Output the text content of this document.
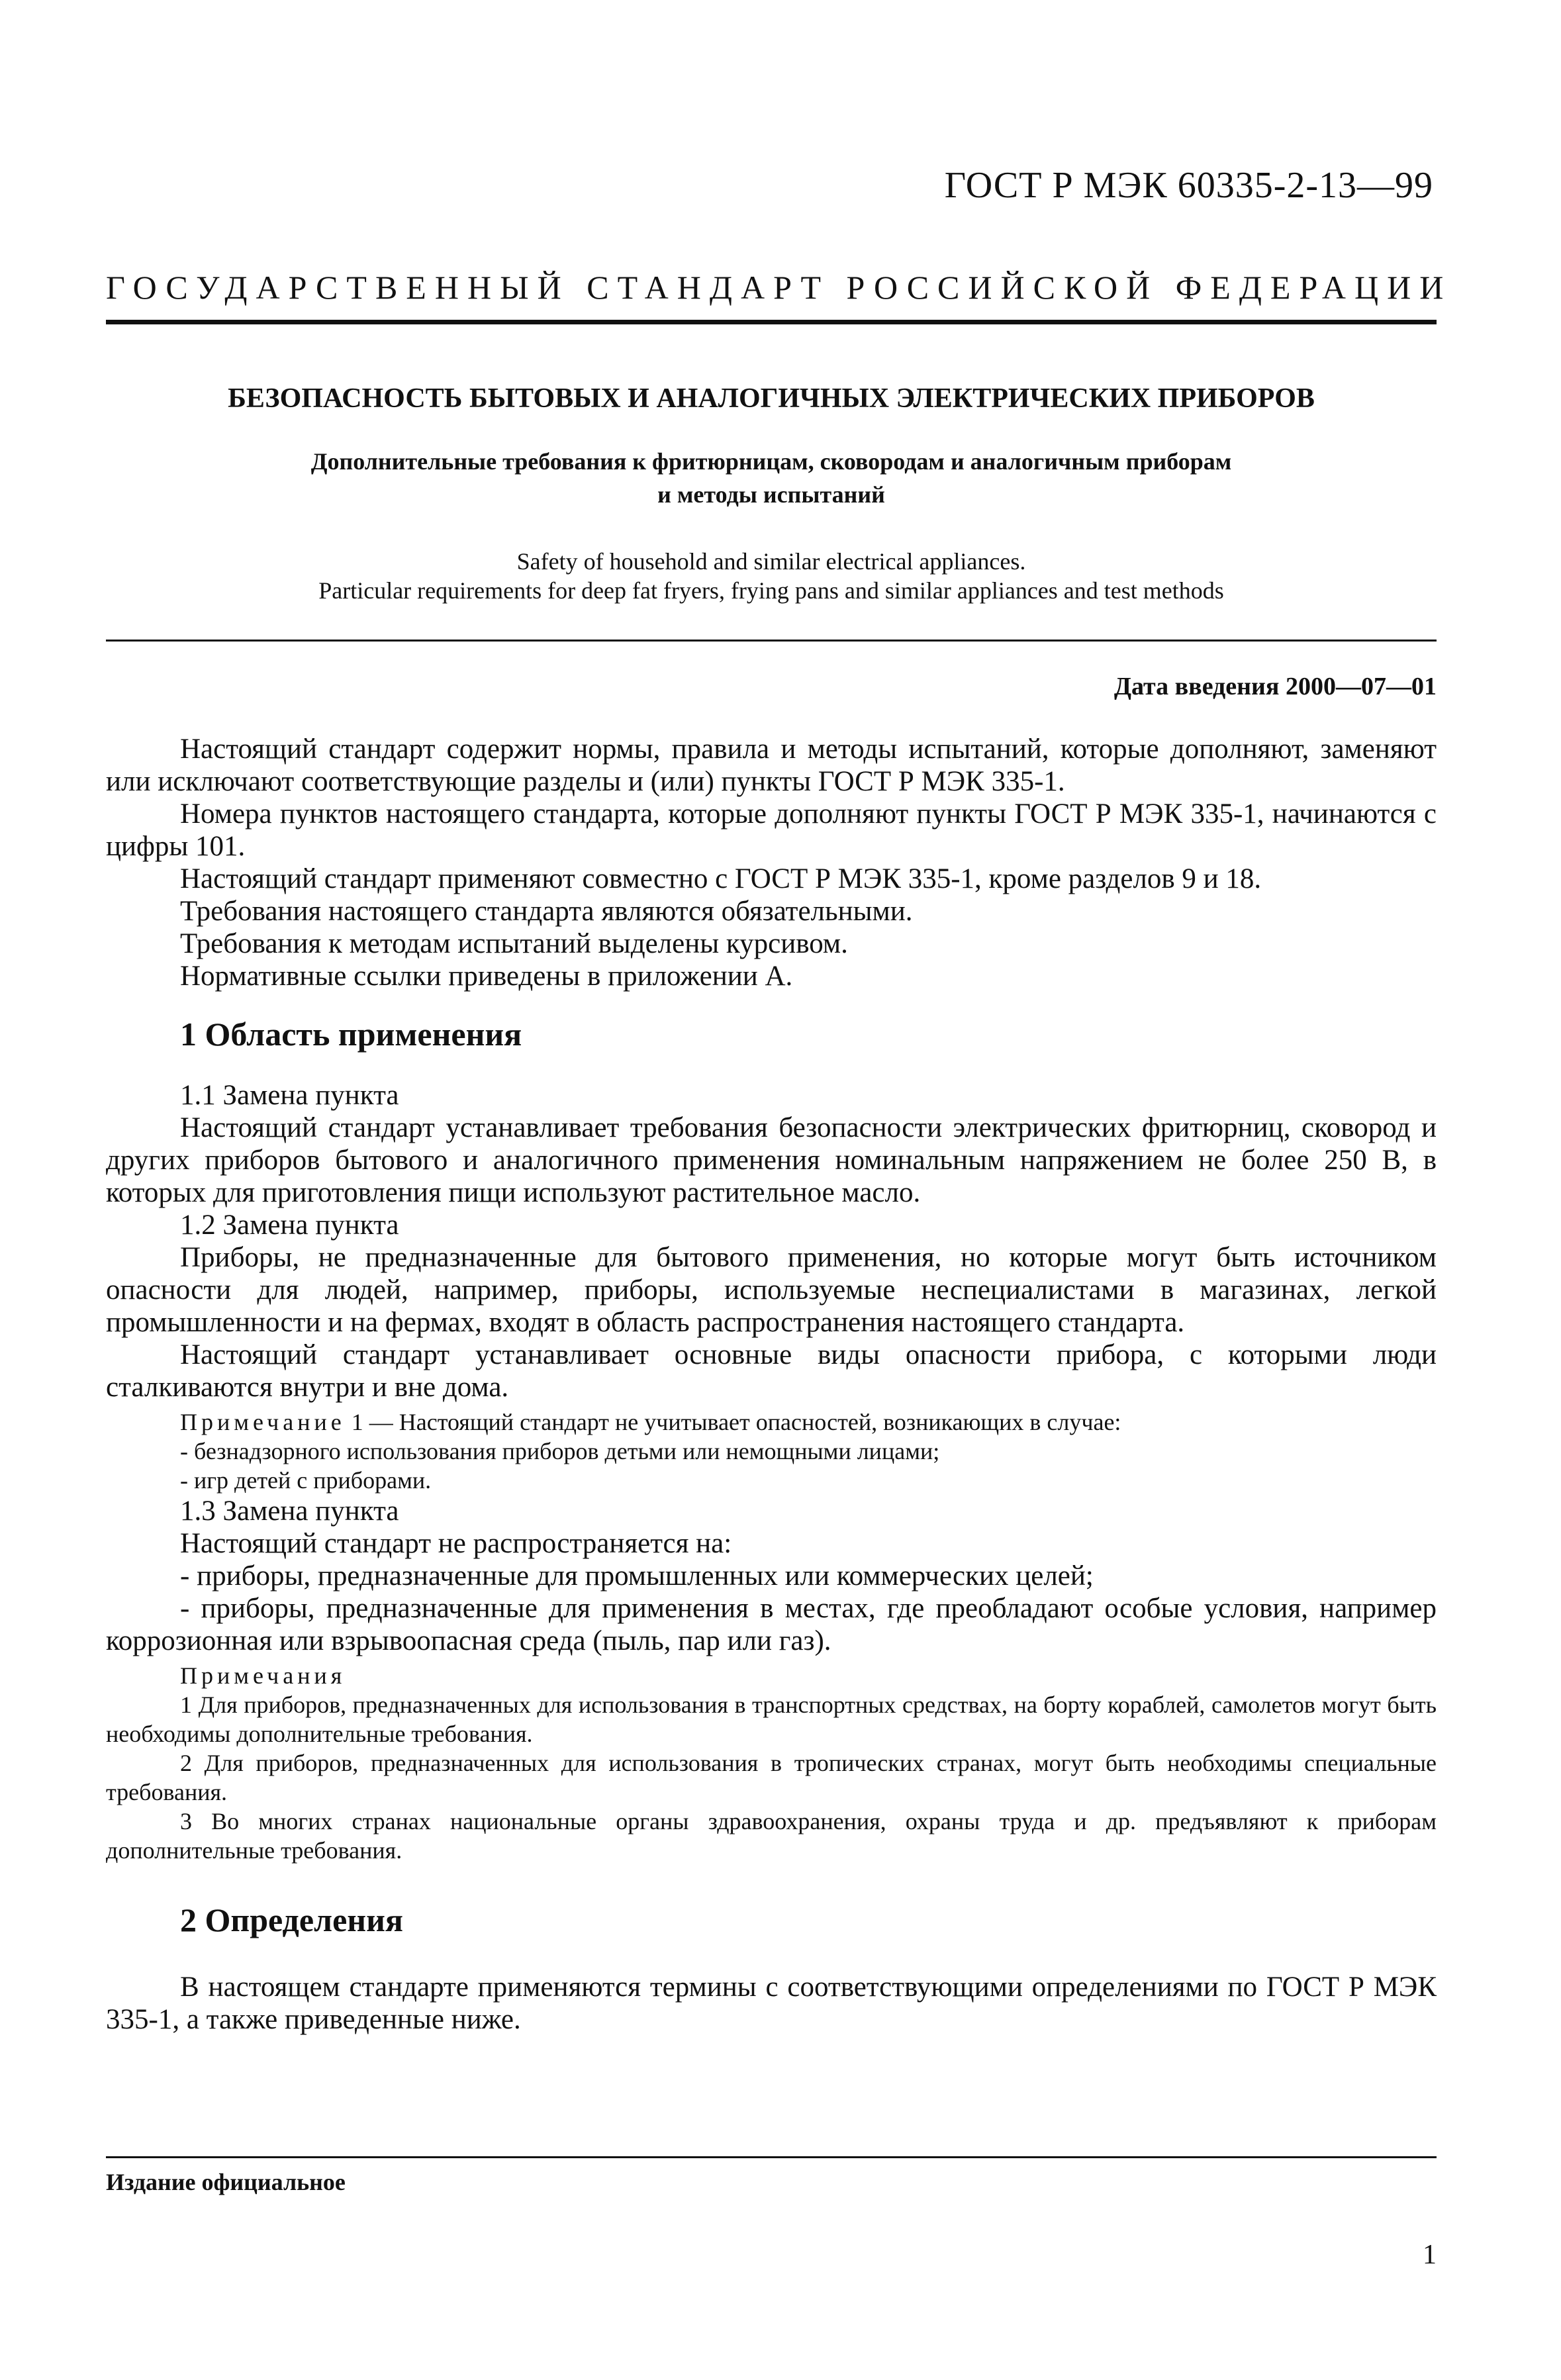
ГОСТ Р МЭК 60335-2-13—99
ГОСУДАРСТВЕННЫЙ СТАНДАРТ РОССИЙСКОЙ ФЕДЕРАЦИИ
БЕЗОПАСНОСТЬ БЫТОВЫХ И АНАЛОГИЧНЫХ ЭЛЕКТРИЧЕСКИХ ПРИБОРОВ
Дополнительные требования к фритюрницам, сковородам и аналогичным приборам
и методы испытаний
Safety of household and similar electrical appliances.
Particular requirements for deep fat fryers, frying pans and similar appliances and test methods
Дата введения 2000—07—01

Настоящий стандарт содержит нормы, правила и методы испытаний, которые дополняют, заменяют или исключают соответствующие разделы и (или) пункты ГОСТ Р МЭК 335-1.

Номера пунктов настоящего стандарта, которые дополняют пункты ГОСТ Р МЭК 335-1, начинаются с цифры 101.

Настоящий стандарт применяют совместно с ГОСТ Р МЭК 335-1, кроме разделов 9 и 18.

Требования настоящего стандарта являются обязательными.

Требования к методам испытаний выделены курсивом.

Нормативные ссылки приведены в приложении А.

1 Область применения

1.1 Замена пункта

Настоящий стандарт устанавливает требования безопасности электрических фритюрниц, сковород и других приборов бытового и аналогичного применения номинальным напряжением не более 250 В, в которых для приготовления пищи используют растительное масло.

1.2 Замена пункта

Приборы, не предназначенные для бытового применения, но которые могут быть источником опасности для людей, например, приборы, используемые неспециалистами в магазинах, легкой промышленности и на фермах, входят в область распространения настоящего стандарта.

Настоящий стандарт устанавливает основные виды опасности прибора, с которыми люди сталкиваются внутри и вне дома.

Примечание 1 — Настоящий стандарт не учитывает опасностей, возникающих в случае:

- безнадзорного использования приборов детьми или немощными лицами;

- игр детей с приборами.

1.3 Замена пункта

Настоящий стандарт не распространяется на:

- приборы, предназначенные для промышленных или коммерческих целей;

- приборы, предназначенные для применения в местах, где преобладают особые условия, например коррозионная или взрывоопасная среда (пыль, пар или газ).

Примечания

1 Для приборов, предназначенных для использования в транспортных средствах, на борту кораблей, самолетов могут быть необходимы дополнительные требования.

2 Для приборов, предназначенных для использования в тропических странах, могут быть необходимы специальные требования.

3 Во многих странах национальные органы здравоохранения, охраны труда и др. предъявляют к приборам дополнительные требования.

2 Определения

В настоящем стандарте применяются термины с соответствующими определениями по ГОСТ Р МЭК 335-1, а также приведенные ниже.

Издание официальное
1
